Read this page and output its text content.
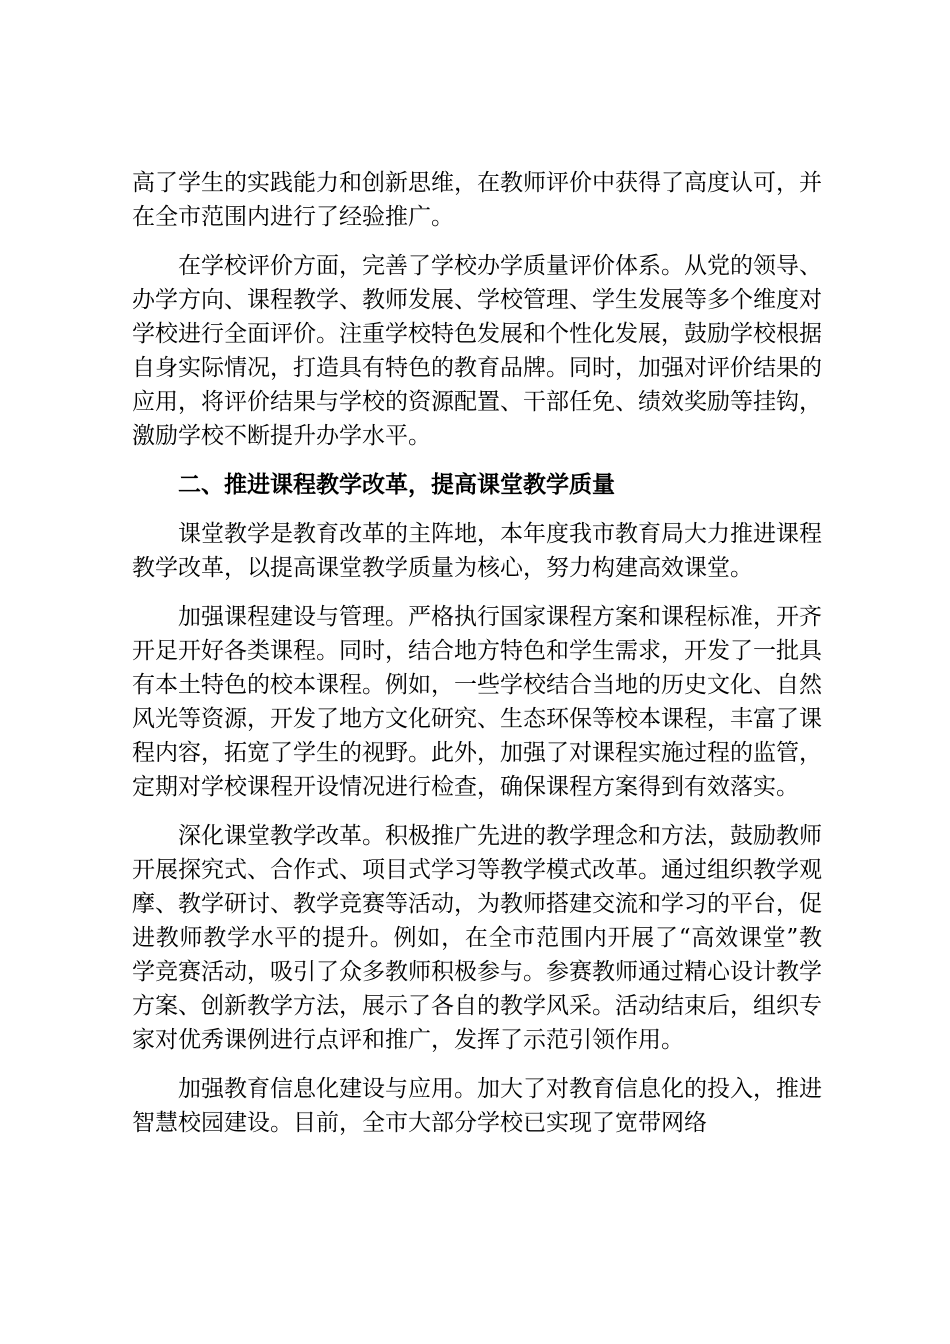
高了学生的实践能力和创新思维，在教师评价中获得了高度认可，并在全市范围内进行了经验推广。

在学校评价方面，完善了学校办学质量评价体系。从党的领导、办学方向、课程教学、教师发展、学校管理、学生发展等多个维度对学校进行全面评价。注重学校特色发展和个性化发展，鼓励学校根据自身实际情况，打造具有特色的教育品牌。同时，加强对评价结果的应用，将评价结果与学校的资源配置、干部任免、绩效奖励等挂钩，激励学校不断提升办学水平。

二、推进课程教学改革，提高课堂教学质量

课堂教学是教育改革的主阵地，本年度我市教育局大力推进课程教学改革，以提高课堂教学质量为核心，努力构建高效课堂。

加强课程建设与管理。严格执行国家课程方案和课程标准，开齐开足开好各类课程。同时，结合地方特色和学生需求，开发了一批具有本土特色的校本课程。例如，一些学校结合当地的历史文化、自然风光等资源，开发了地方文化研究、生态环保等校本课程，丰富了课程内容，拓宽了学生的视野。此外，加强了对课程实施过程的监管，定期对学校课程开设情况进行检查，确保课程方案得到有效落实。

深化课堂教学改革。积极推广先进的教学理念和方法，鼓励教师开展探究式、合作式、项目式学习等教学模式改革。通过组织教学观摩、教学研讨、教学竞赛等活动，为教师搭建交流和学习的平台，促进教师教学水平的提升。例如，在全市范围内开展了“高效课堂”教学竞赛活动，吸引了众多教师积极参与。参赛教师通过精心设计教学方案、创新教学方法，展示了各自的教学风采。活动结束后，组织专家对优秀课例进行点评和推广，发挥了示范引领作用。

加强教育信息化建设与应用。加大了对教育信息化的投入，推进智慧校园建设。目前，全市大部分学校已实现了宽带网络
